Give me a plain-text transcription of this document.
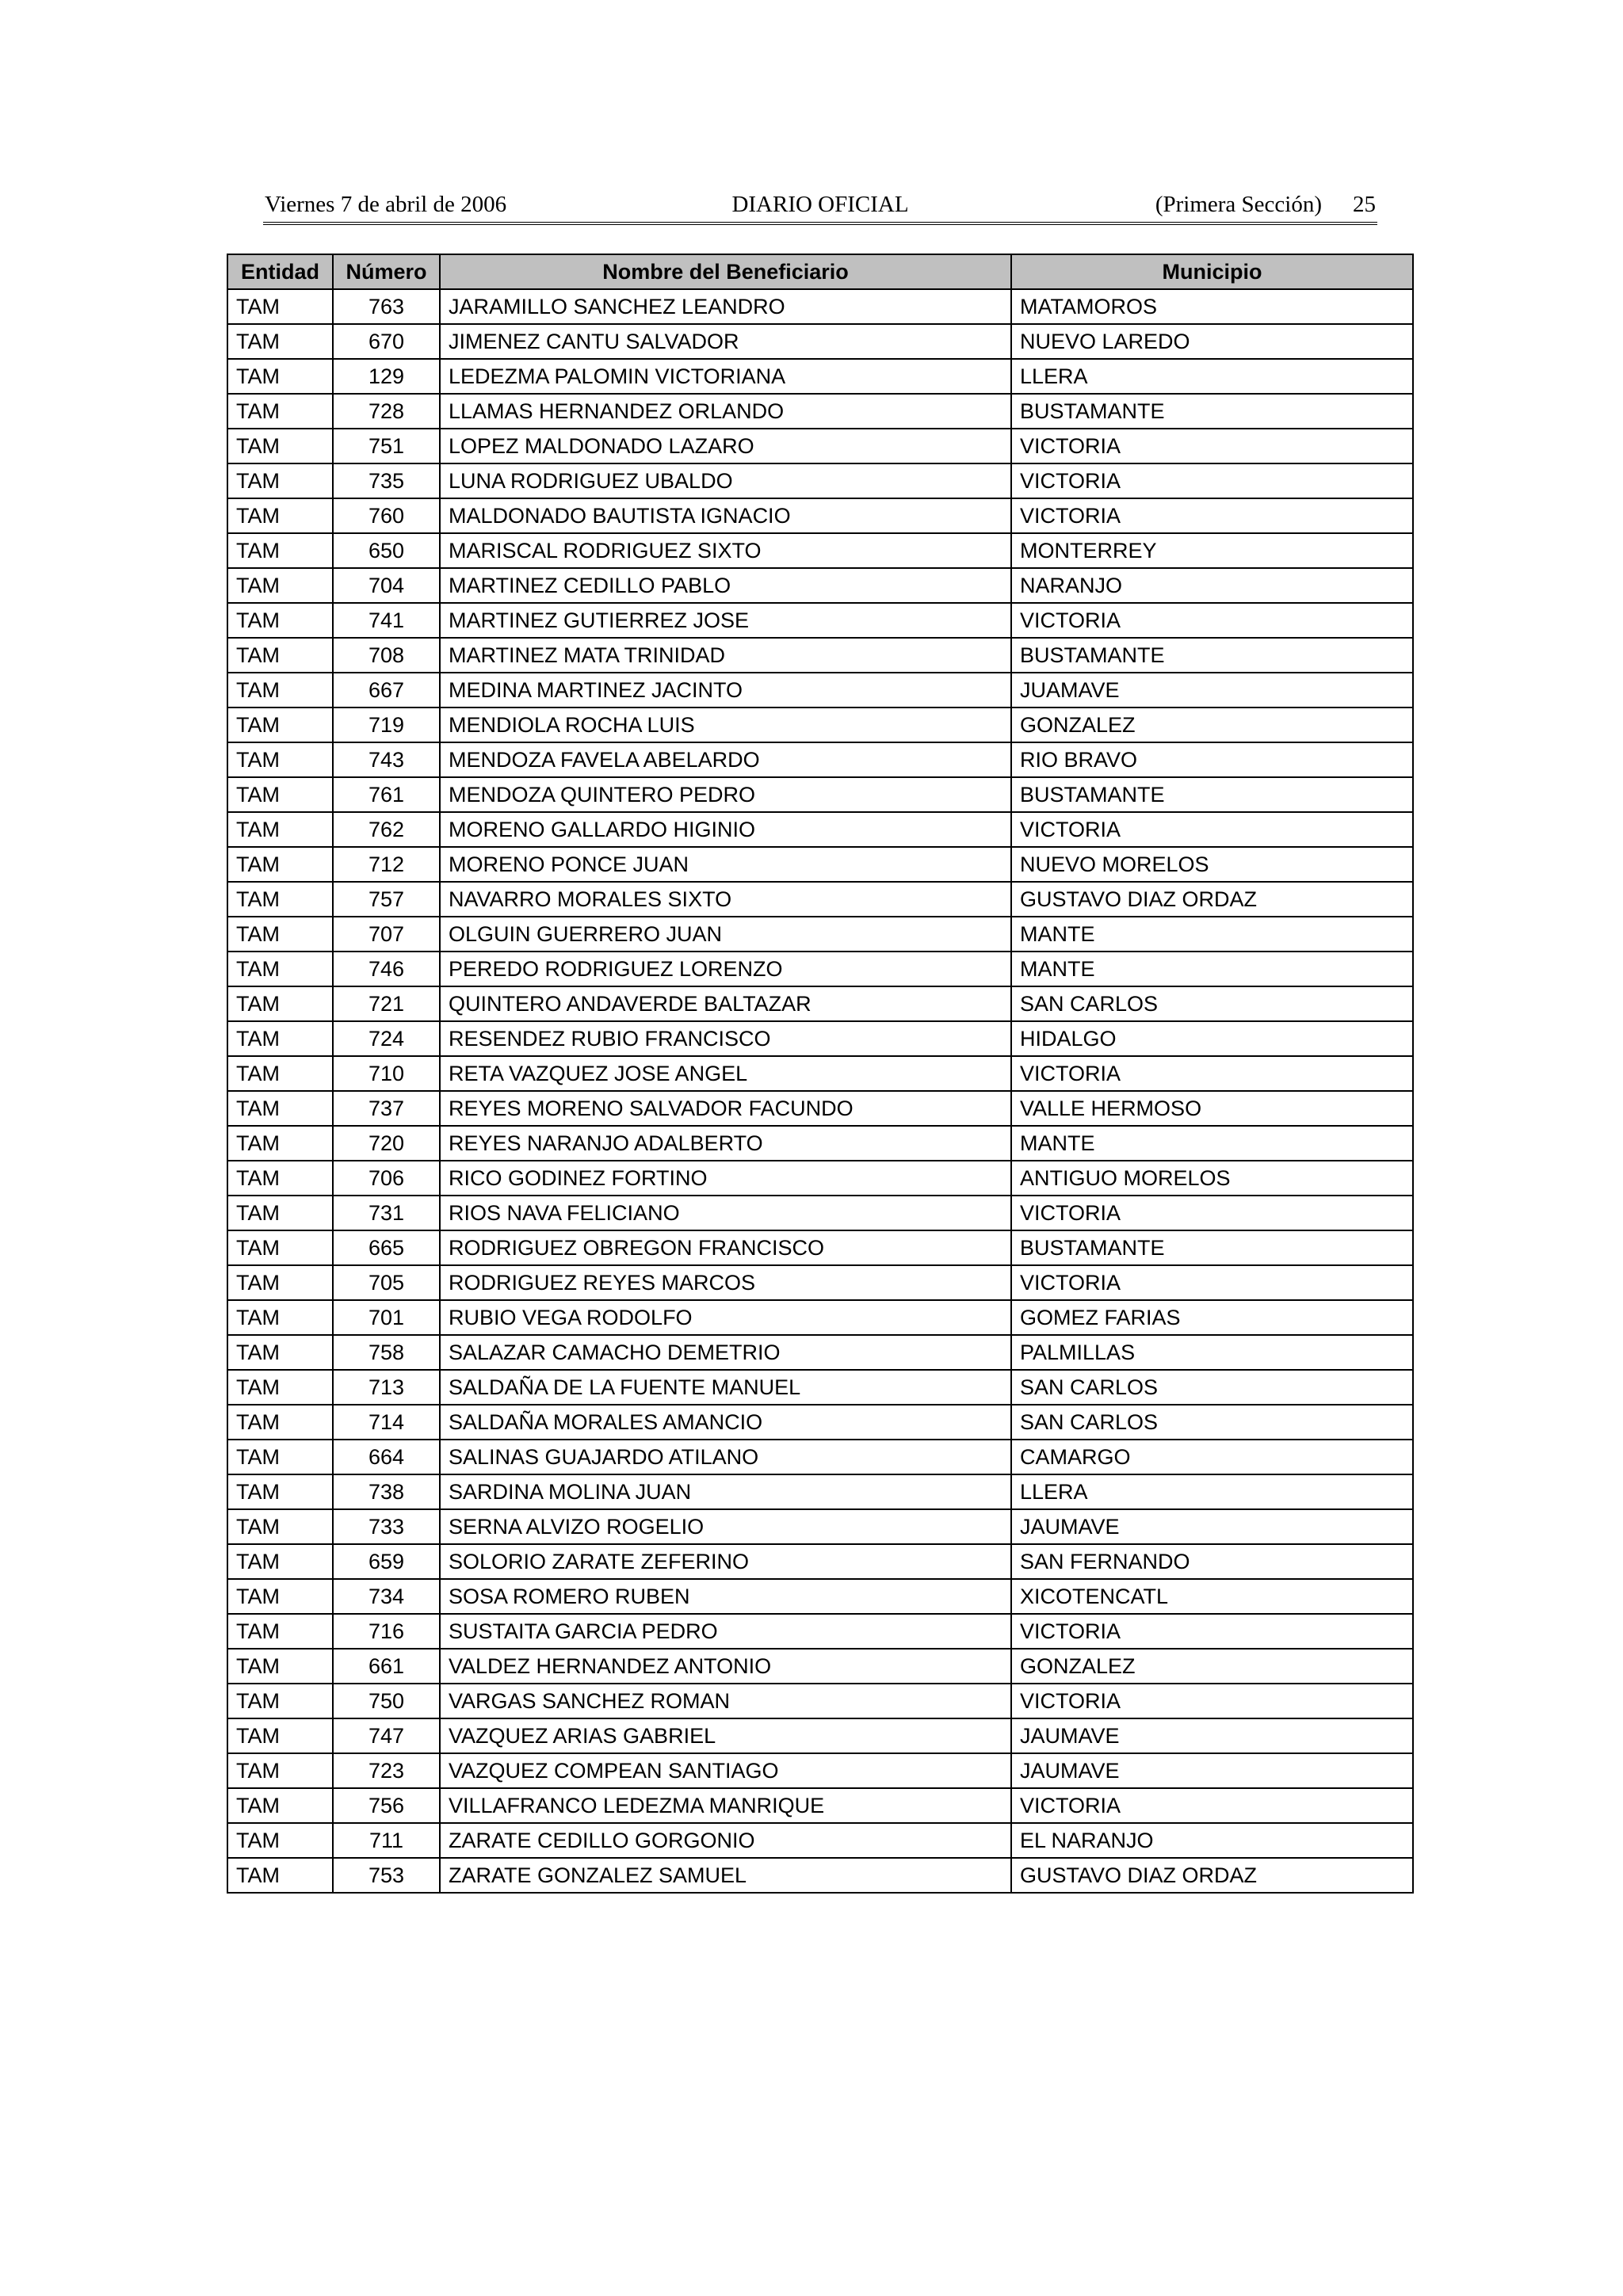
Viernes 7 de abril de 2006	DIARIO OFICIAL	(Primera Sección) 25
Entidad	Número	Nombre del Beneficiario	Municipio
TAM	763	JARAMILLO SANCHEZ LEANDRO	MATAMOROS
TAM	670	JIMENEZ CANTU SALVADOR	NUEVO LAREDO
TAM	129	LEDEZMA PALOMIN VICTORIANA	LLERA
TAM	728	LLAMAS HERNANDEZ ORLANDO	BUSTAMANTE
TAM	751	LOPEZ MALDONADO LAZARO	VICTORIA
TAM	735	LUNA RODRIGUEZ UBALDO	VICTORIA
TAM	760	MALDONADO BAUTISTA IGNACIO	VICTORIA
TAM	650	MARISCAL RODRIGUEZ SIXTO	MONTERREY
TAM	704	MARTINEZ CEDILLO PABLO	NARANJO
TAM	741	MARTINEZ GUTIERREZ JOSE	VICTORIA
TAM	708	MARTINEZ MATA TRINIDAD	BUSTAMANTE
TAM	667	MEDINA MARTINEZ JACINTO	JUAMAVE
TAM	719	MENDIOLA ROCHA LUIS	GONZALEZ
TAM	743	MENDOZA FAVELA ABELARDO	RIO BRAVO
TAM	761	MENDOZA QUINTERO PEDRO	BUSTAMANTE
TAM	762	MORENO GALLARDO HIGINIO	VICTORIA
TAM	712	MORENO PONCE JUAN	NUEVO MORELOS
TAM	757	NAVARRO MORALES SIXTO	GUSTAVO DIAZ ORDAZ
TAM	707	OLGUIN GUERRERO JUAN	MANTE
TAM	746	PEREDO RODRIGUEZ LORENZO	MANTE
TAM	721	QUINTERO ANDAVERDE BALTAZAR	SAN CARLOS
TAM	724	RESENDEZ RUBIO FRANCISCO	HIDALGO
TAM	710	RETA VAZQUEZ JOSE ANGEL	VICTORIA
TAM	737	REYES MORENO SALVADOR FACUNDO	VALLE HERMOSO
TAM	720	REYES NARANJO ADALBERTO	MANTE
TAM	706	RICO GODINEZ FORTINO	ANTIGUO MORELOS
TAM	731	RIOS NAVA FELICIANO	VICTORIA
TAM	665	RODRIGUEZ OBREGON FRANCISCO	BUSTAMANTE
TAM	705	RODRIGUEZ REYES MARCOS	VICTORIA
TAM	701	RUBIO VEGA RODOLFO	GOMEZ FARIAS
TAM	758	SALAZAR CAMACHO DEMETRIO	PALMILLAS
TAM	713	SALDAÑA DE LA FUENTE MANUEL	SAN CARLOS
TAM	714	SALDAÑA MORALES AMANCIO	SAN CARLOS
TAM	664	SALINAS GUAJARDO ATILANO	CAMARGO
TAM	738	SARDINA MOLINA JUAN	LLERA
TAM	733	SERNA ALVIZO ROGELIO	JAUMAVE
TAM	659	SOLORIO ZARATE ZEFERINO	SAN FERNANDO
TAM	734	SOSA ROMERO RUBEN	XICOTENCATL
TAM	716	SUSTAITA GARCIA PEDRO	VICTORIA
TAM	661	VALDEZ HERNANDEZ ANTONIO	GONZALEZ
TAM	750	VARGAS SANCHEZ ROMAN	VICTORIA
TAM	747	VAZQUEZ ARIAS GABRIEL	JAUMAVE
TAM	723	VAZQUEZ COMPEAN SANTIAGO	JAUMAVE
TAM	756	VILLAFRANCO LEDEZMA MANRIQUE	VICTORIA
TAM	711	ZARATE CEDILLO GORGONIO	EL NARANJO
TAM	753	ZARATE GONZALEZ SAMUEL	GUSTAVO DIAZ ORDAZ
